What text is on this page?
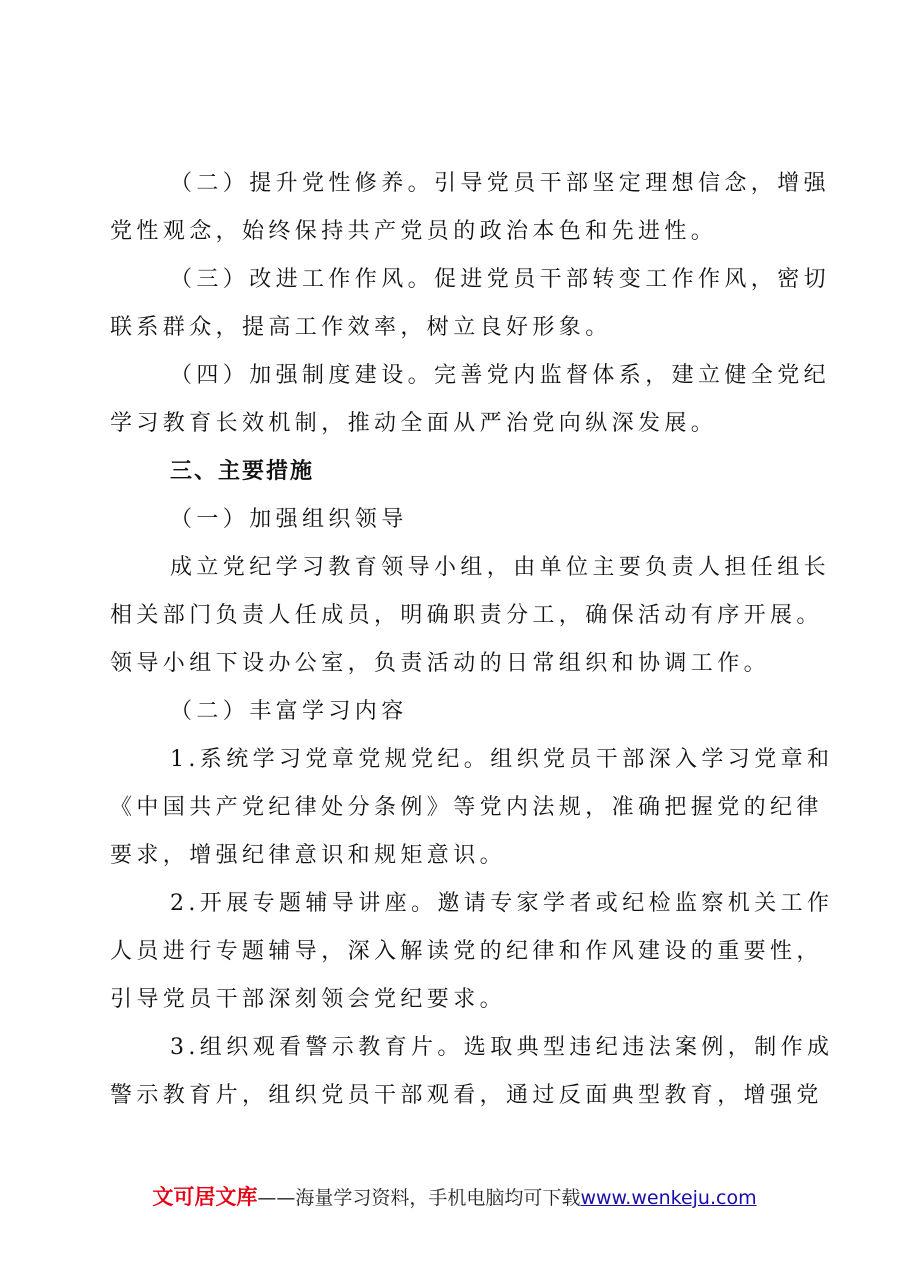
（二）提升党性修养。引导党员干部坚定理想信念，增强
党性观念，始终保持共产党员的政治本色和先进性。
（三）改进工作作风。促进党员干部转变工作作风，密切
联系群众，提高工作效率，树立良好形象。
（四）加强制度建设。完善党内监督体系，建立健全党纪
学习教育长效机制，推动全面从严治党向纵深发展。
三、主要措施
（一）加强组织领导
成立党纪学习教育领导小组，由单位主要负责人担任组长
相关部门负责人任成员，明确职责分工，确保活动有序开展。
领导小组下设办公室，负责活动的日常组织和协调工作。
（二）丰富学习内容
1.系统学习党章党规党纪。组织党员干部深入学习党章和
《中国共产党纪律处分条例》等党内法规，准确把握党的纪律
要求，增强纪律意识和规矩意识。
2.开展专题辅导讲座。邀请专家学者或纪检监察机关工作
人员进行专题辅导，深入解读党的纪律和作风建设的重要性，
引导党员干部深刻领会党纪要求。
3.组织观看警示教育片。选取典型违纪违法案例，制作成
警示教育片，组织党员干部观看，通过反面典型教育，增强党
文可居文库——海量学习资料，手机电脑均可下载www.wenkeju.com
